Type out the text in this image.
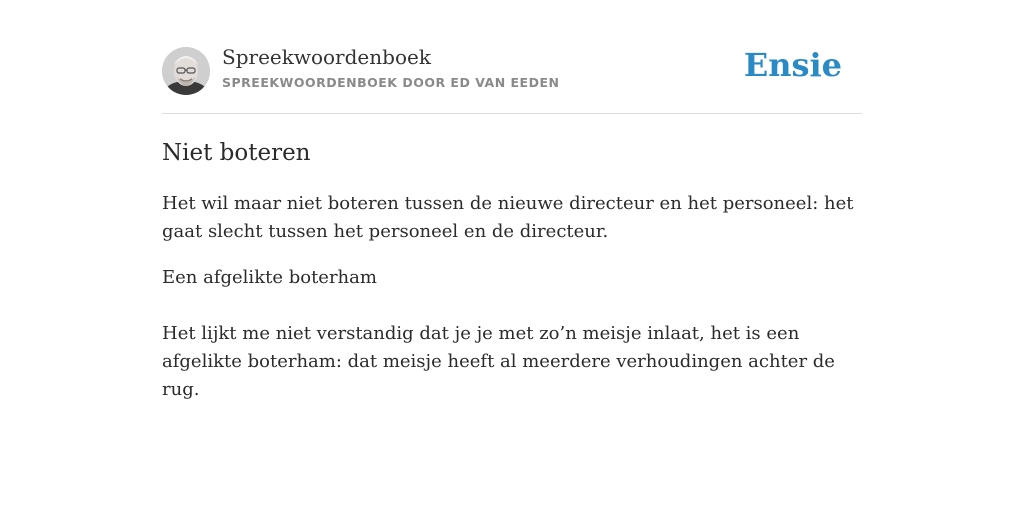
Spreekwoordenboek
SPREEKWOORDENBOEK DOOR ED VAN EEDEN	Ensie
Niet boteren

Het wil maar niet boteren tussen de nieuwe directeur en het personeel: het gaat slecht tussen het personeel en de directeur.

Een afgelikte boterham

Het lijkt me niet verstandig dat je je met zo’n meisje inlaat, het is een afgelikte boterham: dat meisje heeft al meerdere verhoudingen achter de rug.
